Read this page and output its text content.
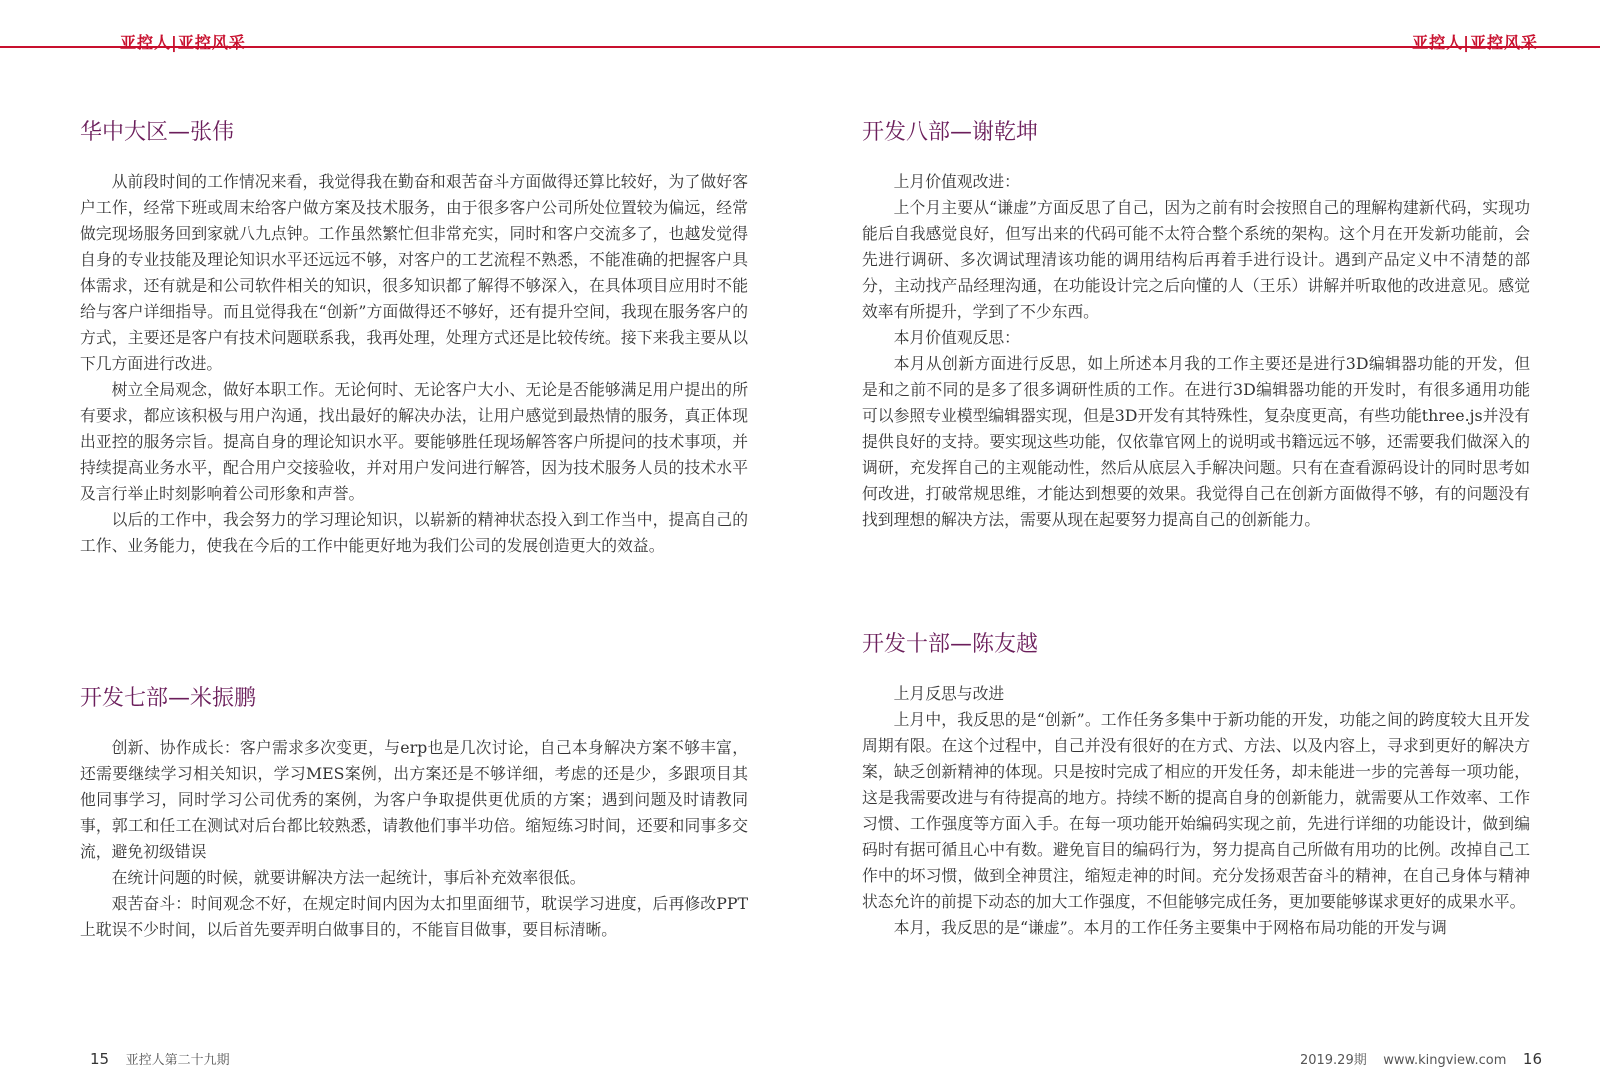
亚控人|亚控风采	亚控人|亚控风采
华中大区—张伟

从前段时间的工作情况来看，我觉得我在勤奋和艰苦奋斗方面做得还算比较好，为了做好客户工作，经常下班或周末给客户做方案及技术服务，由于很多客户公司所处位置较为偏远，经常做完现场服务回到家就八九点钟。工作虽然繁忙但非常充实，同时和客户交流多了，也越发觉得自身的专业技能及理论知识水平还远远不够，对客户的工艺流程不熟悉，不能准确的把握客户具体需求，还有就是和公司软件相关的知识，很多知识都了解得不够深入，在具体项目应用时不能给与客户详细指导。而且觉得我在“创新”方面做得还不够好，还有提升空间，我现在服务客户的方式，主要还是客户有技术问题联系我，我再处理，处理方式还是比较传统。接下来我主要从以下几方面进行改进。

树立全局观念，做好本职工作。无论何时、无论客户大小、无论是否能够满足用户提出的所有要求，都应该积极与用户沟通，找出最好的解决办法，让用户感觉到最热情的服务，真正体现出亚控的服务宗旨。提高自身的理论知识水平。要能够胜任现场解答客户所提问的技术事项，并持续提高业务水平，配合用户交接验收，并对用户发问进行解答，因为技术服务人员的技术水平及言行举止时刻影响着公司形象和声誉。

以后的工作中，我会努力的学习理论知识，以崭新的精神状态投入到工作当中，提高自己的工作、业务能力，使我在今后的工作中能更好地为我们公司的发展创造更大的效益。

开发七部—米振鹏

创新、协作成长：客户需求多次变更，与erp也是几次讨论，自己本身解决方案不够丰富，还需要继续学习相关知识，学习MES案例，出方案还是不够详细，考虑的还是少，多跟项目其他同事学习，同时学习公司优秀的案例，为客户争取提供更优质的方案；遇到问题及时请教同事，郭工和任工在测试对后台都比较熟悉，请教他们事半功倍。缩短练习时间，还要和同事多交流，避免初级错误

在统计问题的时候，就要讲解决方法一起统计，事后补充效率很低。

艰苦奋斗：时间观念不好，在规定时间内因为太扣里面细节，耽误学习进度，后再修改PPT上耽误不少时间，以后首先要弄明白做事目的，不能盲目做事，要目标清晰。

开发八部—谢乾坤

上月价值观改进：

上个月主要从“谦虚”方面反思了自己，因为之前有时会按照自己的理解构建新代码，实现功能后自我感觉良好，但写出来的代码可能不太符合整个系统的架构。这个月在开发新功能前，会先进行调研、多次调试理清该功能的调用结构后再着手进行设计。遇到产品定义中不清楚的部分，主动找产品经理沟通，在功能设计完之后向懂的人（王乐）讲解并听取他的改进意见。感觉效率有所提升，学到了不少东西。

本月价值观反思：

本月从创新方面进行反思，如上所述本月我的工作主要还是进行3D编辑器功能的开发，但是和之前不同的是多了很多调研性质的工作。在进行3D编辑器功能的开发时，有很多通用功能可以参照专业模型编辑器实现，但是3D开发有其特殊性，复杂度更高，有些功能three.js并没有提供良好的支持。要实现这些功能，仅依靠官网上的说明或书籍远远不够，还需要我们做深入的调研，充发挥自己的主观能动性，然后从底层入手解决问题。只有在查看源码设计的同时思考如何改进，打破常规思维，才能达到想要的效果。我觉得自己在创新方面做得不够，有的问题没有找到理想的解决方法，需要从现在起要努力提高自己的创新能力。

开发十部—陈友越

上月反思与改进

上月中，我反思的是“创新”。工作任务多集中于新功能的开发，功能之间的跨度较大且开发周期有限。在这个过程中，自己并没有很好的在方式、方法、以及内容上，寻求到更好的解决方案，缺乏创新精神的体现。只是按时完成了相应的开发任务，却未能进一步的完善每一项功能，这是我需要改进与有待提高的地方。持续不断的提高自身的创新能力，就需要从工作效率、工作习惯、工作强度等方面入手。在每一项功能开始编码实现之前，先进行详细的功能设计，做到编码时有据可循且心中有数。避免盲目的编码行为，努力提高自己所做有用功的比例。改掉自己工作中的坏习惯，做到全神贯注，缩短走神的时间。充分发扬艰苦奋斗的精神，在自己身体与精神状态允许的前提下动态的加大工作强度，不但能够完成任务，更加要能够谋求更好的成果水平。

本月，我反思的是“谦虚”。本月的工作任务主要集中于网格布局功能的开发与调

15 亚控人第二十九期	2019.29期 www.kingview.com 16
